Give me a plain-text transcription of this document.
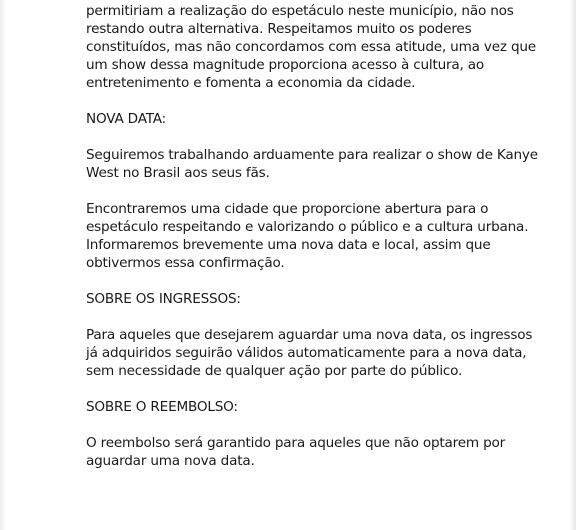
permitiriam a realização do espetáculo neste município, não nos
restando outra alternativa. Respeitamos muito os poderes
constituídos, mas não concordamos com essa atitude, uma vez que
um show dessa magnitude proporciona acesso à cultura, ao
entretenimento e fomenta a economia da cidade.
NOVA DATA:
Seguiremos trabalhando arduamente para realizar o show de Kanye
West no Brasil aos seus fãs.
Encontraremos uma cidade que proporcione abertura para o
espetáculo respeitando e valorizando o público e a cultura urbana.
Informaremos brevemente uma nova data e local, assim que
obtivermos essa confirmação.
SOBRE OS INGRESSOS:
Para aqueles que desejarem aguardar uma nova data, os ingressos
já adquiridos seguirão válidos automaticamente para a nova data,
sem necessidade de qualquer ação por parte do público.
SOBRE O REEMBOLSO:
O reembolso será garantido para aqueles que não optarem por
aguardar uma nova data.
